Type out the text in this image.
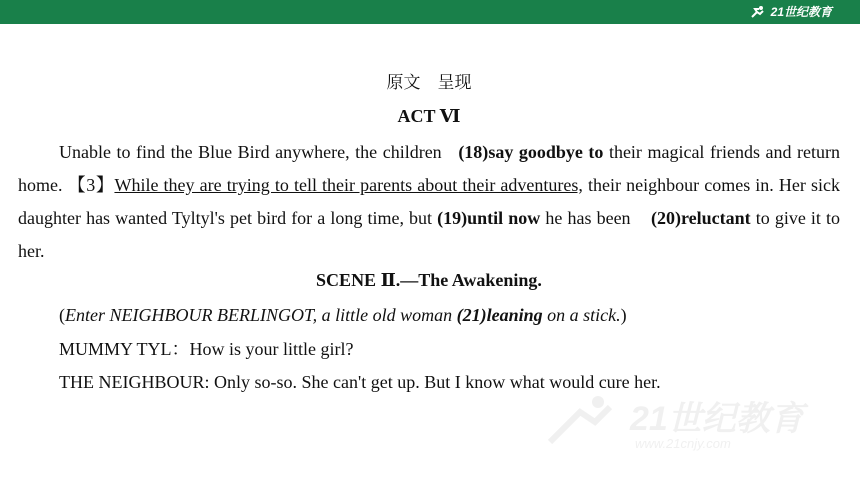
21世纪教育
21世纪教育
www.21cnjy.com
原文　呈现
ACT Ⅵ
Unable to find the Blue Bird anywhere, the children (18)say goodbye to their magical friends and return home. 【3】While they are trying to tell their parents about their adventures, their neighbour comes in. Her sick daughter has wanted Tyltyl's pet bird for a long time, but (19)until now he has been    (20)reluctant to give it to her.
SCENE Ⅱ.—The Awakening.
(Enter NEIGHBOUR BERLINGOT, a little old woman (21)leaning on a stick.)
MUMMY TYL：How is your little girl?
THE NEIGHBOUR: Only so-so. She can't get up. But I know what would cure her.
